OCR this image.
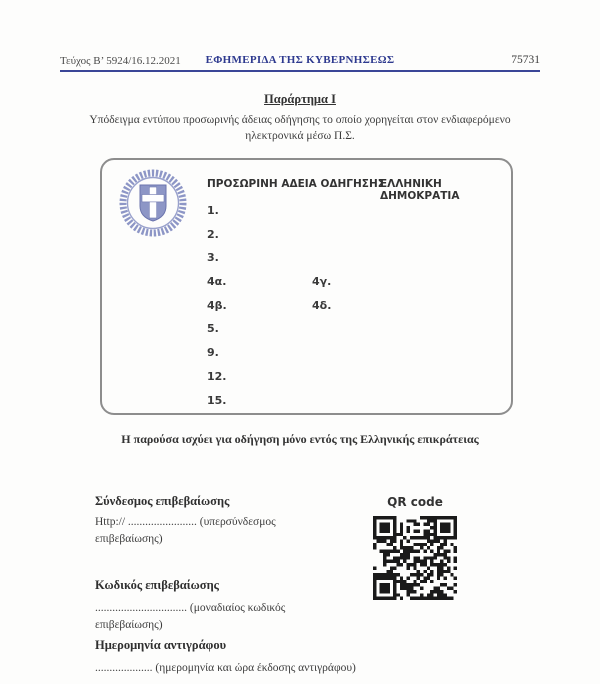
Τεύχος Β’ 5924/16.12.2021	ΕΦΗΜΕΡΙΔΑ ΤΗΣ ΚΥΒΕΡΝΗΣΕΩΣ	75731
Παράρτημα Ι
Υπόδειγμα εντύπου προσωρινής άδειας οδήγησης το οποίο χορηγείται στον ενδιαφερόμενο ηλεκτρονικά μέσω Π.Σ.
ΠΡΟΣΩΡΙΝΗ ΑΔΕΙΑ ΟΔΗΓΗΣΗΣ
ΕΛΛΗΝΙΚΗ ΔΗΜΟΚΡΑΤΙΑ
1.
2.
3.
4α.	4γ.
4β.	4δ.
5.
9.
12.
15.
Η παρούσα ισχύει για οδήγηση μόνο εντός της Ελληνικής επικράτειας
Σύνδεσμος επιβεβαίωσης
Http:// ........................ (υπερσύνδεσμος επιβεβαίωσης)
QR code
Κωδικός επιβεβαίωσης
................................ (μοναδιαίος κωδικός επιβεβαίωσης)
Ημερομηνία αντιγράφου
.................... (ημερομηνία και ώρα έκδοσης αντιγράφου)
